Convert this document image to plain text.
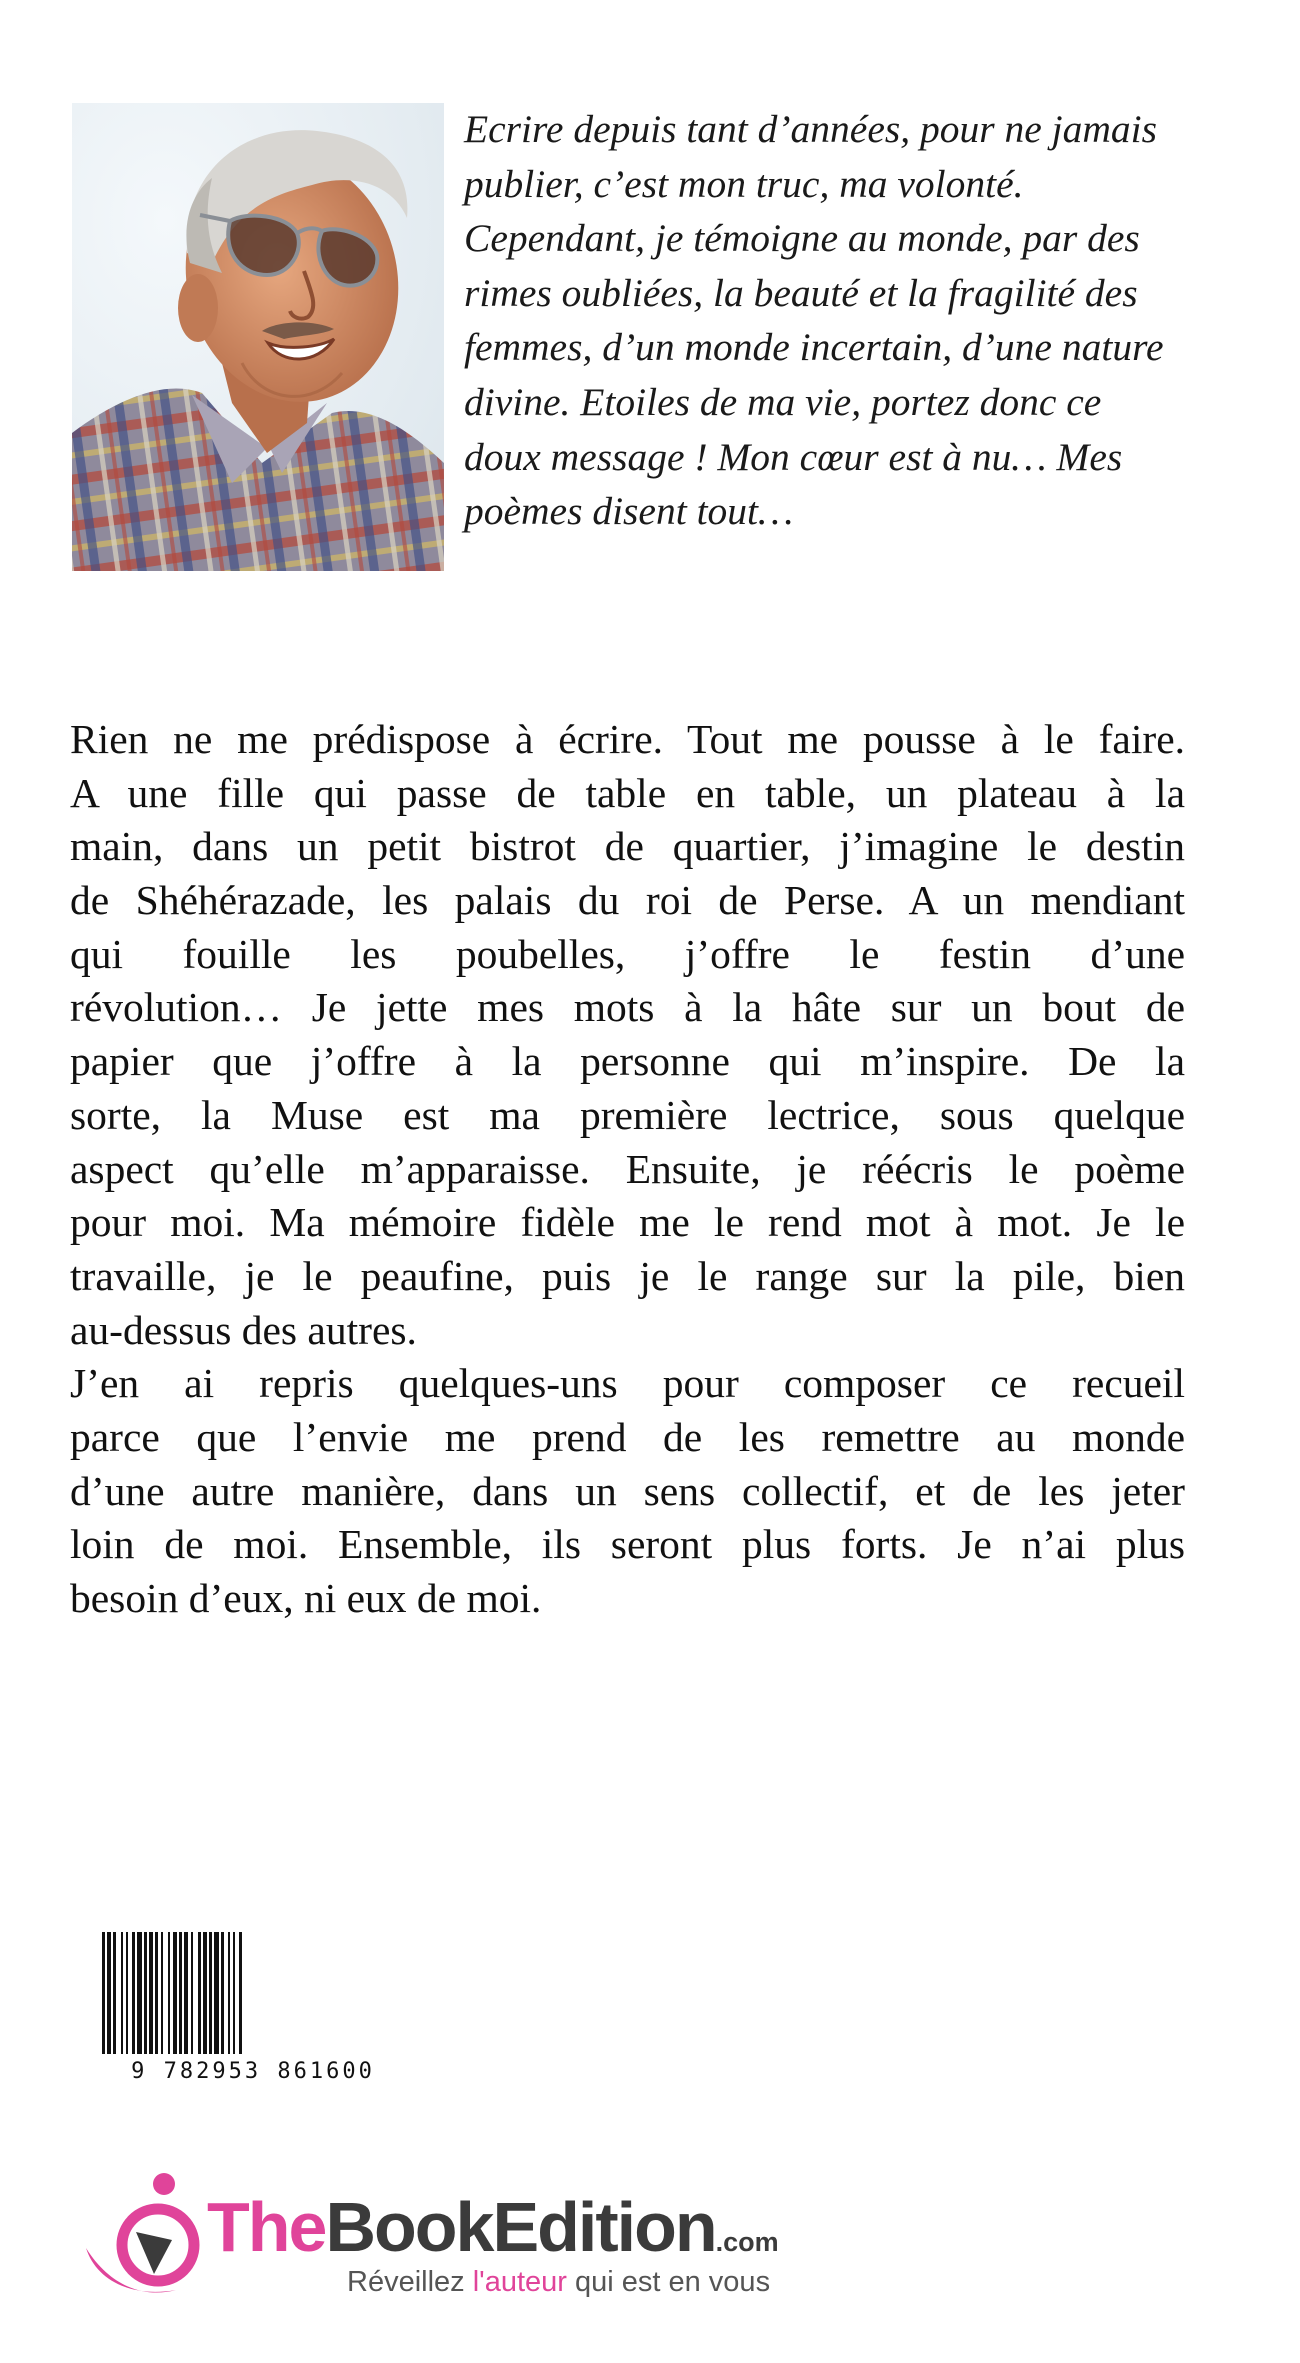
Ecrire depuis tant d’années, pour ne jamais
publier, c’est mon truc, ma volonté.
Cependant, je témoigne au monde, par des
rimes oubliées, la beauté et la fragilité des
femmes, d’un monde incertain, d’une nature
divine. Etoiles de ma vie, portez donc ce
doux message ! Mon cœur est à nu… Mes
poèmes disent tout…

Rien ne me prédispose à écrire. Tout me pousse à le faire.
A une fille qui passe de table en table, un plateau à la
main, dans un petit bistrot de quartier, j’imagine le destin
de Shéhérazade, les palais du roi de Perse. A un mendiant
qui fouille les poubelles, j’offre le festin d’une
révolution… Je jette mes mots à la hâte sur un bout de
papier que j’offre à la personne qui m’inspire. De la
sorte, la Muse est ma première lectrice, sous quelque
aspect qu’elle m’apparaisse. Ensuite, je réécris le poème
pour moi. Ma mémoire fidèle me le rend mot à mot. Je le
travaille, je le peaufine, puis je le range sur la pile, bien
au-dessus des autres.
J’en ai repris quelques-uns pour composer ce recueil
parce que l’envie me prend de les remettre au monde
d’une autre manière, dans un sens collectif, et de les jeter
loin de moi. Ensemble, ils seront plus forts. Je n’ai plus
besoin d’eux, ni eux de moi.
9 782953 861600
TheBookEdition.com
Réveillez l'auteur qui est en vous
